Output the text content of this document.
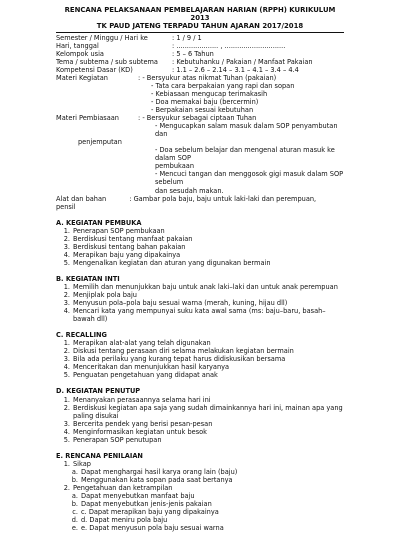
RENCANA PELAKSANAAN PEMBELAJARAN HARIAN (RPPH) KURIKULUM 2013
TK PAUD JATENG TERPADU TAHUN AJARAN 2017/2018
Semester / Minggu / Hari ke	: 1 / 9 / 1
Hari, tanggal	: .................... , .............................
Kelompok usia	: 5 – 6 Tahun
Tema / subtema / sub subtema	: Kebutuhanku / Pakaian / Manfaat Pakaian
Kompetensi Dasar (KD)	: 1.1 – 2.6 – 2.14 – 3.1 – 4.1 – 3.4 – 4.4
Materi Kegiatan	: - Bersyukur atas nikmat Tuhan (pakaian)
- Tata cara berpakaian yang rapi dan sopan
- Kebiasaan mengucap terimakasih
- Doa memakai baju (bercermin)
- Berpakaian sesuai kebutuhan
Materi Pembiasaan	: - Bersyukur sebagai ciptaan Tuhan
- Mengucapkan salam masuk dalam SOP penyambutan dan
penjemputan
- Doa sebelum belajar dan mengenal aturan masuk ke dalam SOP
pembukaan
- Mencuci tangan dan menggosok gigi masuk dalam SOP sebelum
dan sesudah makan.
Alat dan bahan           : Gambar pola baju, baju untuk laki-laki dan perempuan,
pensil
A. KEGIATAN PEMBUKA
1. Penerapan SOP pembukaan
2. Berdiskusi tentang manfaat pakaian
3. Berdiskusi tentang bahan pakaian
4. Merapikan baju yang dipakainya
5. Mengenalkan kegiatan dan aturan yang digunakan bermain
B. KEGIATAN INTI
1. Memilih dan menunjukkan baju untuk anak laki–laki dan untuk anak perempuan
2. Menjiplak pola baju
3. Menyusun pola–pola baju sesuai warna (merah, kuning, hijau dll)
4. Mencari kata yang mempunyai suku kata awal sama (ms: baju–baru, basah–bawah dll)
C. RECALLING
1. Merapikan alat-alat yang telah digunakan
2. Diskusi tentang perasaan diri selama melakukan kegiatan bermain
3. Bila ada perilaku yang kurang tepat harus didiskusikan bersama
4. Menceritakan dan menunjukkan hasil karyanya
5. Penguatan pengetahuan yang didapat anak
D. KEGIATAN PENUTUP
1. Menanyakan perasaannya selama hari ini
2. Berdiskusi kegiatan apa saja yang sudah dimainkannya hari ini, mainan apa yang paling disukai
3. Bercerita pendek yang berisi pesan-pesan
4. Menginformasikan kegiatan untuk besok
5. Penerapan SOP penutupan
E. RENCANA PENILAIAN
1. Sikap
a. Dapat menghargai hasil karya orang lain (baju)
b. Menggunakan kata sopan pada saat bertanya
2. Pengetahuan dan ketrampilan
a. Dapat menyebutkan manfaat baju
b. Dapat menyebutkan jenis-jenis pakaian
c. c. Dapat merapikan baju yang dipakainya
d. d. Dapat meniru pola baju
e. e. Dapat menyusun pola baju sesuai warna
